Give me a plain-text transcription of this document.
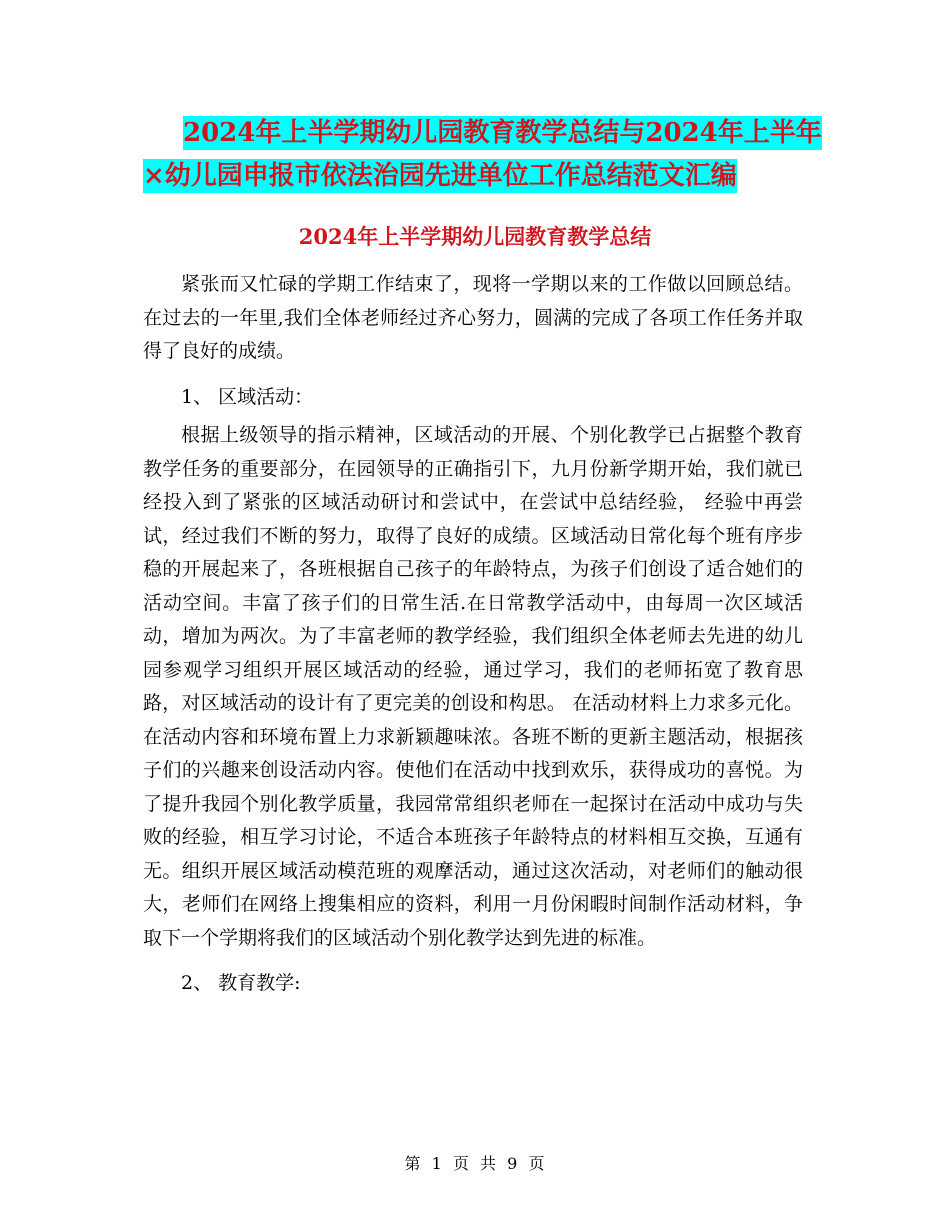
2024年上半学期幼儿园教育教学总结与2024年上半年
×幼儿园申报市依法治园先进单位工作总结范文汇编
2024年上半学期幼儿园教育教学总结

紧张而又忙碌的学期工作结束了，现将一学期以来的工作做以回顾总结。 在过去的一年里,我们全体老师经过齐心努力，圆满的完成了各项工作任务并取得了良好的成绩。

1、 区域活动：

根据上级领导的指示精神，区域活动的开展、个别化教学已占据整个教育教学任务的重要部分，在园领导的正确指引下，九月份新学期开始，我们就已经投入到了紧张的区域活动研讨和尝试中，在尝试中总结经验， 经验中再尝试，经过我们不断的努力，取得了良好的成绩。区域活动日常化每个班有序步稳的开展起来了，各班根据自己孩子的年龄特点，为孩子们创设了适合她们的活动空间。丰富了孩子们的日常生活.在日常教学活动中，由每周一次区域活动，增加为两次。为了丰富老师的教学经验，我们组织全体老师去先进的幼儿园参观学习组织开展区域活动的经验，通过学习，我们的老师拓宽了教育思路，对区域活动的设计有了更完美的创设和构思。 在活动材料上力求多元化。在活动内容和环境布置上力求新颖趣味浓。各班不断的更新主题活动，根据孩子们的兴趣来创设活动内容。使他们在活动中找到欢乐，获得成功的喜悦。为了提升我园个别化教学质量，我园常常组织老师在一起探讨在活动中成功与失败的经验，相互学习讨论，不适合本班孩子年龄特点的材料相互交换，互通有无。组织开展区域活动模范班的观摩活动，通过这次活动，对老师们的触动很大，老师们在网络上搜集相应的资料，利用一月份闲暇时间制作活动材料，争取下一个学期将我们的区域活动个别化教学达到先进的标准。

2、 教育教学:

第 1 页 共 9 页
